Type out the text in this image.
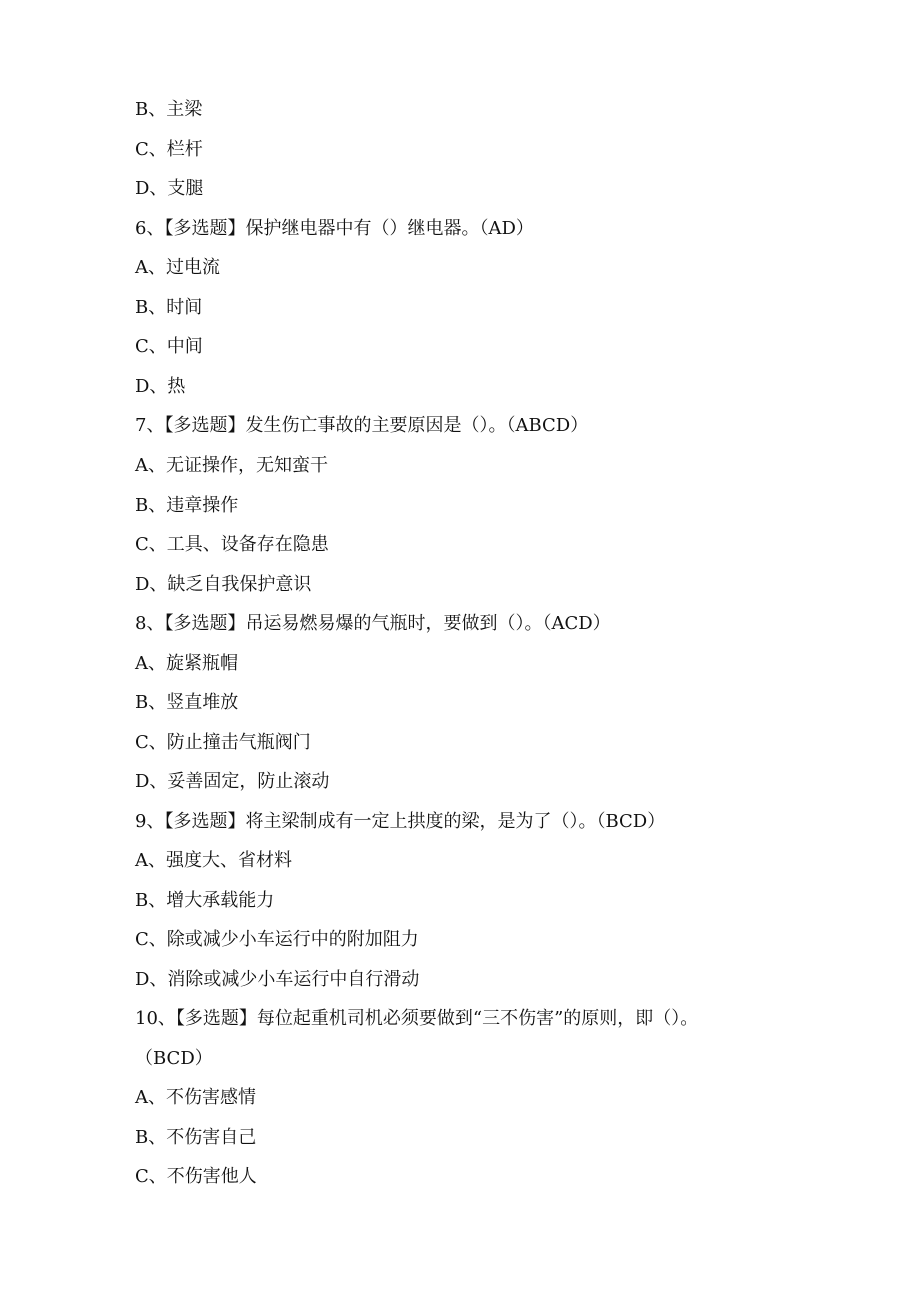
B、主梁
C、栏杆
D、支腿
6、【多选题】保护继电器中有（）继电器。（AD）
A、过电流
B、时间
C、中间
D、热
7、【多选题】发生伤亡事故的主要原因是（）。（ABCD）
A、无证操作，无知蛮干
B、违章操作
C、工具、设备存在隐患
D、缺乏自我保护意识
8、【多选题】吊运易燃易爆的气瓶时，要做到（）。（ACD）
A、旋紧瓶帽
B、竖直堆放
C、防止撞击气瓶阀门
D、妥善固定，防止滚动
9、【多选题】将主梁制成有一定上拱度的梁，是为了（）。（BCD）
A、强度大、省材料
B、增大承载能力
C、除或减少小车运行中的附加阻力
D、消除或减少小车运行中自行滑动
10、【多选题】每位起重机司机必须要做到“三不伤害”的原则，即（）。
（BCD）
A、不伤害感情
B、不伤害自己
C、不伤害他人
